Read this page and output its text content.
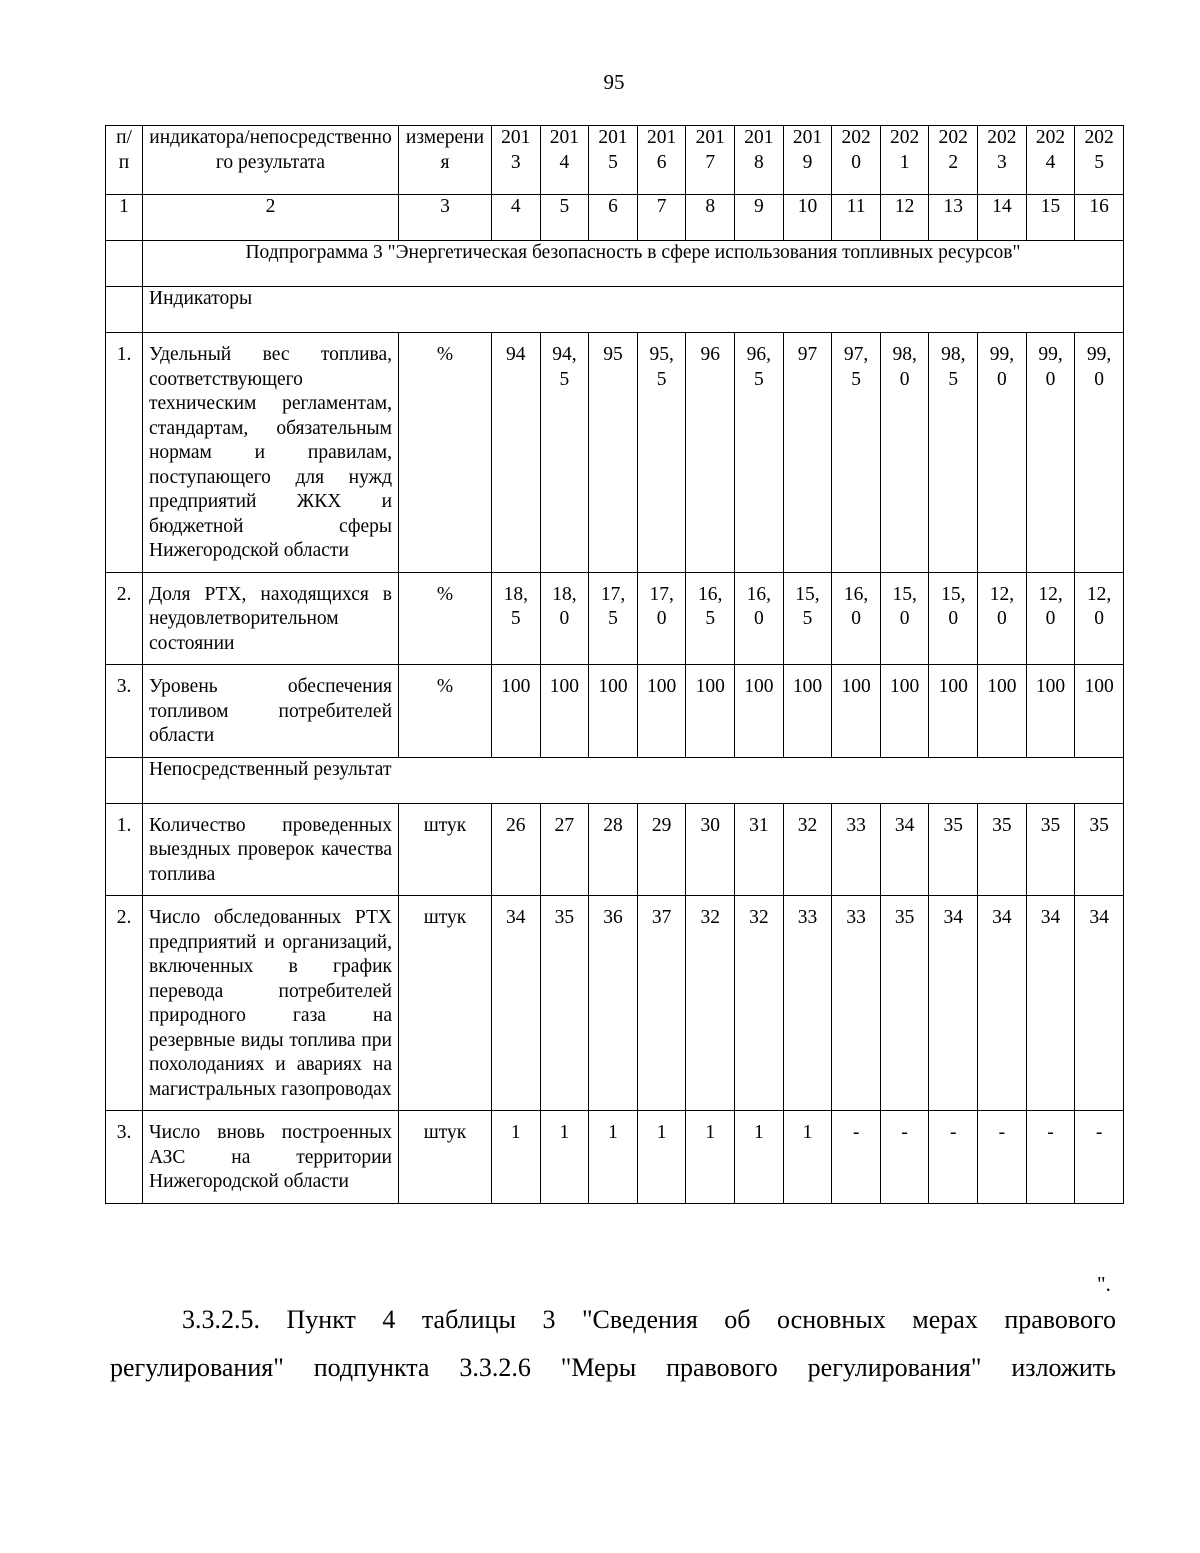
95
п/п	индикатора/непосредственного результата	измерения	2013	2014	2015	2016	2017	2018	2019	2020	2021	2022	2023	2024	2025

1	2	3	4	5	6	7	8	9	10	11	12	13	14	15	16
	Подпрограмма 3 "Энергетическая безопасность в сфере использования топливных ресурсов"														
	Индикаторы														
1.	Удельный вес топлива, соответствующего техническим регламентам, стандартам, обязательным нормам и правилам, поступающего для нужд предприятий ЖКХ и бюджетной сферы Нижегородской области	%	94	94,5	95	95,5	96	96,5	97	97,5	98,0	98,5	99,0	99,0	99,0

2.	Доля РТХ, находящихся в неудовлетворительном состоянии	%	18,5	18,0	17,5	17,0	16,5	16,0	15,5	16,0	15,0	15,0	12,0	12,0	12,0

3.	Уровень обеспечения топливом потребителей области	%	100	100	100	100	100	100	100	100	100	100	100	100	100

	Непосредственный результат														
1.	Количество проведенных выездных проверок качества топлива	штук	26	27	28	29	30	31	32	33	34	35	35	35	35

2.	Число обследованных РТХ предприятий и организаций, включенных в график перевода потребителей природного газа на резервные виды топлива при похолоданиях и авариях на магистральных газопроводах	штук	34	35	36	37	32	32	33	33	35	34	34	34	34

3.	Число вновь построенных АЗС на территории Нижегородской области	штук	1	1	1	1	1	1	1	-	-	-	-	-	-
".
3.3.2.5. Пункт 4 таблицы 3 "Сведения об основных мерах правового
регулирования" подпункта 3.3.2.6 "Меры правового регулирования" изложить
